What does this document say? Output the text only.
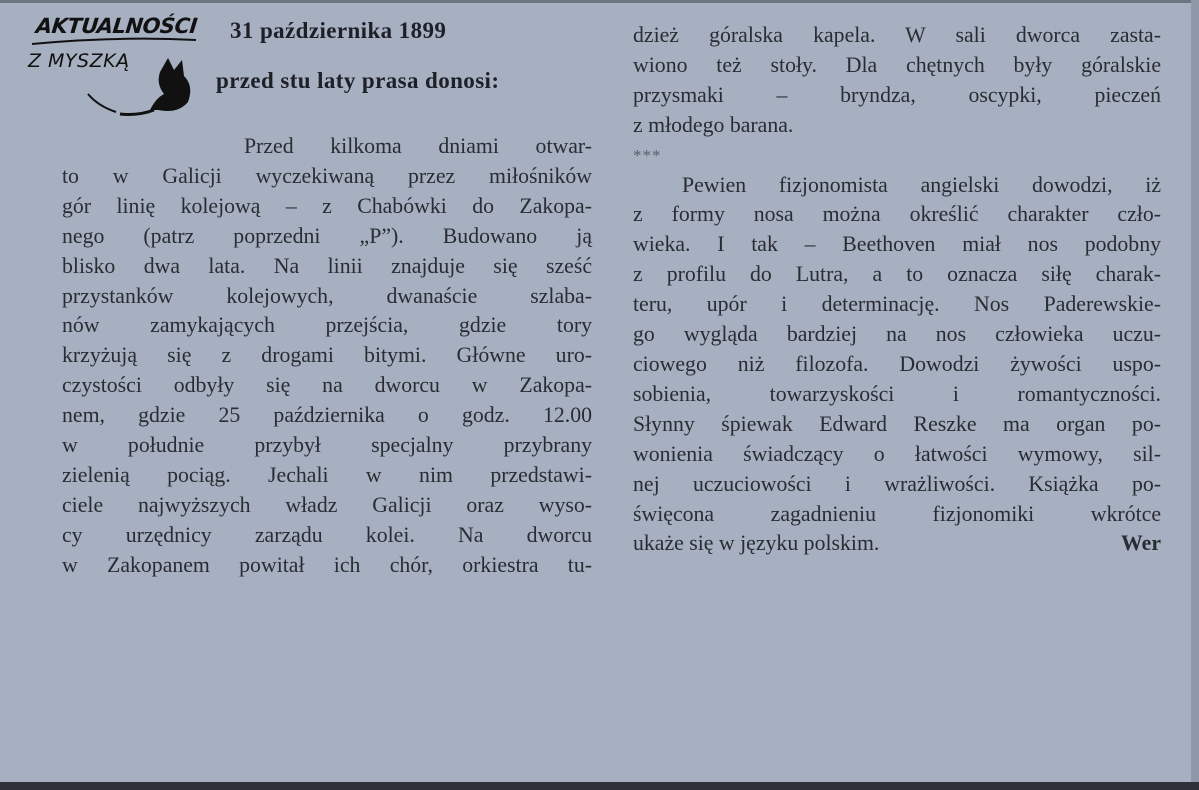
AKTUALNOŚCI
Z MYSZKĄ
31 października 1899
przed stu laty prasa donosi:

Przed kilkoma dniami otwar-

to w Galicji wyczekiwaną przez miłośników

gór linię kolejową – z Chabówki do Zakopa-

nego (patrz poprzedni „P”). Budowano ją

blisko dwa lata. Na linii znajduje się sześć

przystanków kolejowych, dwanaście szlaba-

nów zamykających przejścia, gdzie tory

krzyżują się z drogami bitymi. Główne uro-

czystości odbyły się na dworcu w Zakopa-

nem, gdzie 25 października o godz. 12.00

w południe przybył specjalny przybrany

zielenią pociąg. Jechali w nim przedstawi-

ciele najwyższych władz Galicji oraz wyso-

cy urzędnicy zarządu kolei. Na dworcu

w Zakopanem powitał ich chór, orkiestra tu-

dzież góralska kapela. W sali dworca zasta-

wiono też stoły. Dla chętnych były góralskie

przysmaki – bryndza, oscypki, pieczeń

z młodego barana.

***

Pewien fizjonomista angielski dowodzi, iż

z formy nosa można określić charakter czło-

wieka. I tak – Beethoven miał nos podobny

z profilu do Lutra, a to oznacza siłę charak-

teru, upór i determinację. Nos Paderewskie-

go wygląda bardziej na nos człowieka uczu-

ciowego niż filozofa. Dowodzi żywości uspo-

sobienia, towarzyskości i romantyczności.

Słynny śpiewak Edward Reszke ma organ po-

wonienia świadczący o łatwości wymowy, sil-

nej uczuciowości i wrażliwości. Książka po-

święcona zagadnieniu fizjonomiki wkrótce

ukaże się w języku polskim.	Wer
